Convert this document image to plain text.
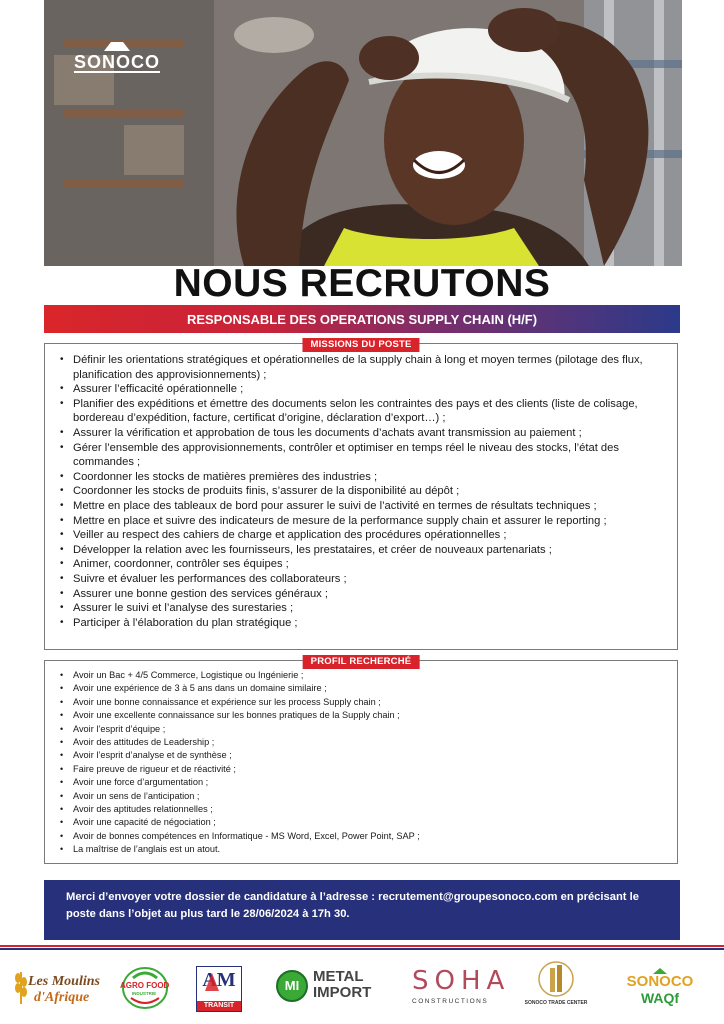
SONOCO
NOUS RECRUTONS
RESPONSABLE DES OPERATIONS SUPPLY CHAIN (H/F)
MISSIONS DU POSTE
• Définir les orientations stratégiques et opérationnelles de la supply chain à long et moyen termes (pilotage des flux, planification des approvisionnements) ;
• Assurer l’efficacité opérationnelle ;
• Planifier des expéditions et émettre des documents selon les contraintes des pays et des clients (liste de colisage, bordereau d’expédition, facture, certificat d’origine, déclaration d’export…) ;
• Assurer la vérification et approbation de tous les documents d’achats avant transmission au paiement ;
• Gérer l’ensemble des approvisionnements, contrôler et optimiser en temps réel le niveau des stocks, l’état des commandes ;
• Coordonner les stocks de matières premières des industries ;
• Coordonner les stocks de produits finis, s’assurer de la disponibilité au dépôt ;
• Mettre en place des tableaux de bord pour assurer le suivi de l’activité en termes de résultats techniques ;
• Mettre en place et suivre des indicateurs de mesure de la performance supply chain et assurer le reporting ;
• Veiller au respect des cahiers de charge et application des procédures opérationnelles ;
• Développer la relation avec les fournisseurs, les prestataires, et créer de nouveaux partenariats ;
• Animer, coordonner, contrôler ses équipes ;
• Suivre et évaluer les performances des collaborateurs ;
• Assurer une bonne gestion des services généraux ;
• Assurer le suivi et l’analyse des surestaries ;
• Participer à l’élaboration du plan stratégique ;
PROFIL RECHERCHÉ
• Avoir un Bac + 4/5 Commerce, Logistique ou Ingénierie ;
• Avoir une expérience de 3 à 5 ans dans un domaine similaire ;
• Avoir une bonne connaissance et expérience sur les process Supply chain ;
• Avoir une excellente connaissance sur les bonnes pratiques de la Supply chain ;
• Avoir l’esprit d’équipe ;
• Avoir des attitudes de Leadership ;
• Avoir l’esprit d’analyse et de synthèse ;
• Faire preuve de rigueur et de réactivité ;
• Avoir une force d’argumentation ;
• Avoir un sens de l’anticipation ;
• Avoir des aptitudes relationnelles ;
• Avoir une capacité de négociation ;
• Avoir de bonnes compétences en Informatique - MS Word, Excel, Power Point, SAP ;
• La maîtrise de l’anglais est un atout.
Merci d’envoyer votre dossier de candidature à l’adresse : recrutement@groupesonoco.com en précisant le poste dans l’objet au plus tard le 28/06/2024 à 17h 30.
Les Moulins
d'Afrique
AGRO FOOD
INDUSTRIE
AM
TRANSIT
MI
METAL
IMPORT SOHA
CONSTRUCTIONS	SONOCO TRADE CENTER
SONOCO
WAQf
